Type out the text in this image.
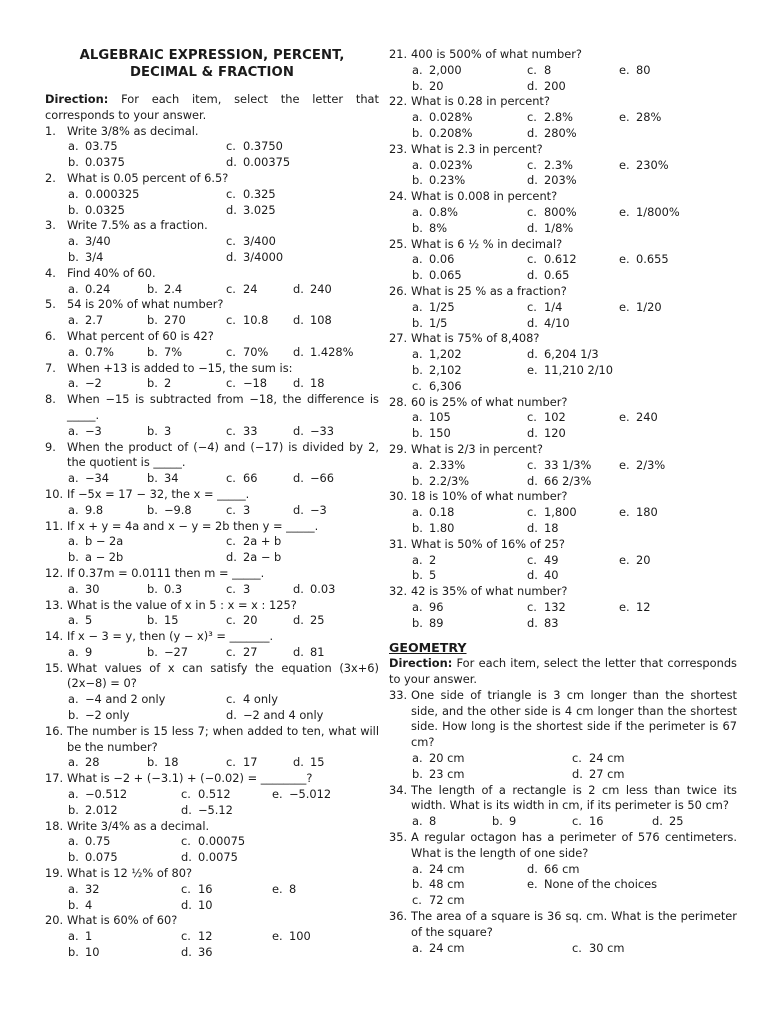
ALGEBRAIC EXPRESSION, PERCENT,
DECIMAL & FRACTION

Direction: For each item, select the letter that corresponds to your answer.

1. Write 3/8% as decimal.
a. 03.75	c. 0.3750
b. 0.0375	d. 0.00375
2. What is 0.05 percent of 6.5?
a. 0.000325	c. 0.325
b. 0.0325	d. 3.025
3. Write 7.5% as a fraction.
a. 3/40	c. 3/400
b. 3/4	d. 3/4000
4. Find 40% of 60.
a. 0.24	b. 2.4	c. 24	d. 240
5. 54 is 20% of what number?
a. 2.7	b. 270	c. 10.8 d. 108
6. What percent of 60 is 42?
a. 0.7%	b. 7%	c. 70% d. 1.428%
7. When +13 is added to −15, the sum is:
a. −2	b. 2	c. −18 d. 18
8. When −15 is subtracted from −18, the difference is _____.
a. −3	b. 3	c. 33	d. −33
9. When the product of (−4) and (−17) is divided by 2, the quotient is _____.
a. −34	b. 34	c. 66	d. −66
10. If −5x = 17 − 32, the x = _____.
a. 9.8	b. −9.8	c. 3	d. −3
11. If x + y = 4a and x − y = 2b then y = _____.
a. b − 2a	c. 2a + b
b. a − 2b	d. 2a − b
12. If 0.37m = 0.0111 then m = _____.
a. 30	b. 0.3	c. 3	d. 0.03
13. What is the value of x in 5 : x = x : 125?
a. 5	b. 15	c. 20	d. 25
14. If x − 3 = y, then (y − x)³ = _______.
a. 9	b. −27	c. 27	d. 81
15. What values of x can satisfy the equation (3x+6) (2x−8) = 0?
a. −4 and 2 only	c. 4 only
b. −2 only	d. −2 and 4 only
16. The number is 15 less 7; when added to ten, what will be the number?
a. 28	b. 18	c. 17	d. 15
17. What is −2 + (−3.1) + (−0.02) = ________?
a. −0.512	c. 0.512	e. −5.012
b. 2.012	d. −5.12
18. Write 3/4% as a decimal.
a. 0.75	c. 0.00075
b. 0.075	d. 0.0075
19. What is 12 ½% of 80?
a. 32	c. 16	e. 8
b. 4	d. 10
20. What is 60% of 60?
a. 1	c. 12	e. 100
b. 10	d. 36
21. 400 is 500% of what number?
a. 2,000	c. 8	e. 80
b. 20	d. 200
22. What is 0.28 in percent?
a. 0.028%	c. 2.8%	e. 28%
b. 0.208%	d. 280%
23. What is 2.3 in percent?
a. 0.023%	c. 2.3%	e. 230%
b. 0.23%	d. 203%
24. What is 0.008 in percent?
a. 0.8%	c. 800%	e. 1/800%
b. 8%	d. 1/8%
25. What is 6 ½ % in decimal?
a. 0.06	c. 0.612	e. 0.655
b. 0.065	d. 0.65
26. What is 25 % as a fraction?
a. 1/25	c. 1/4	e. 1/20
b. 1/5	d. 4/10
27. What is 75% of 8,408?
a. 1,202	d. 6,204 1/3
b. 2,102	e. 11,210 2/10
c. 6,306
28. 60 is 25% of what number?
a. 105	c. 102	e. 240
b. 150	d. 120
29. What is 2/3 in percent?
a. 2.33%	c. 33 1/3% e. 2/3%
b. 2.2/3%	d. 66 2/3%
30. 18 is 10% of what number?
a. 0.18	c. 1,800	e. 180
b. 1.80	d. 18
31. What is 50% of 16% of 25?
a. 2	c. 49	e. 20
b. 5	d. 40
32. 42 is 35% of what number?
a. 96	c. 132	e. 12
b. 89	d. 83
GEOMETRY

Direction: For each item, select the letter that corresponds to your answer.

33. One side of triangle is 3 cm longer than the shortest side, and the other side is 4 cm longer than the shortest side. How long is the shortest side if the perimeter is 67 cm?
a. 20 cm	c. 24 cm
b. 23 cm	d. 27 cm
34. The length of a rectangle is 2 cm less than twice its width. What is its width in cm, if its perimeter is 50 cm?
a. 8	b. 9	c. 16	d. 25
35. A regular octagon has a perimeter of 576 centimeters. What is the length of one side?
a. 24 cm	d. 66 cm
b. 48 cm	e. None of the choices
c. 72 cm
36. The area of a square is 36 sq. cm. What is the perimeter of the square?
a. 24 cm	c. 30 cm
